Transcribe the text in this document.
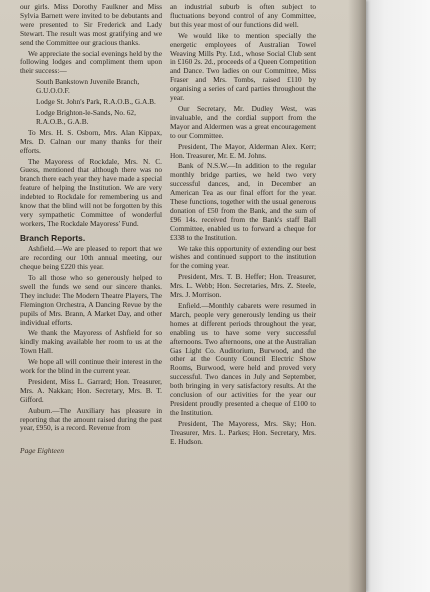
our girls. Miss Dorothy Faulkner and Miss Sylvia Barnett were invited to be debutants and were presented to Sir Frederick and Lady Stewart. The result was most gratifying and we send the Committee our gracious thanks.

We appreciate the social evenings held by the following lodges and compliment them upon their success:—

South Bankstown Juvenile Branch, G.U.O.O.F.

Lodge St. John's Park, R.A.O.B., G.A.B.

Lodge Brighton-le-Sands, No. 62, R.A.O.B., G.A.B.

To Mrs. H. S. Osborn, Mrs. Alan Kippax, Mrs. D. Calnan our many thanks for their efforts.

The Mayoress of Rockdale, Mrs. N. C. Guess, mentioned that although there was no branch there each year they have made a special feature of helping the Institution. We are very indebted to Rockdale for remembering us and know that the blind will not be forgotten by this very sympathetic Committee of wonderful workers, The Rockdale Mayoress' Fund.

Branch Reports.

Ashfield.—We are pleased to report that we are recording our 10th annual meeting, our cheque being £220 this year.

To all those who so generously helped to swell the funds we send our sincere thanks. They include: The Modern Theatre Players, The Flemington Orchestra, A Dancing Revue by the pupils of Mrs. Brann, A Market Day, and other individual efforts.

We thank the Mayoress of Ashfield for so kindly making available her room to us at the Town Hall.

We hope all will continue their interest in the work for the blind in the current year.

President, Miss L. Garrard; Hon. Treasurer, Mrs. A. Nakkan; Hon. Secretary, Mrs. B. T. Gifford.

Auburn.—The Auxiliary has pleasure in reporting that the amount raised during the past year, £950, is a record. Revenue from

an industrial suburb is often subject to fluctuations beyond control of any Committee, but this year most of our functions did well.

We would like to mention specially the energetic employees of Australian Towel Weaving Mills Pty. Ltd., whose Social Club sent in £160 2s. 2d., proceeds of a Queen Competition and Dance. Two ladies on our Committee, Miss Fraser and Mrs. Tombs, raised £110 by organising a series of card parties throughout the year.

Our Secretary, Mr. Dudley West, was invaluable, and the cordial support from the Mayor and Aldermen was a great encouragement to our Committee.

President, The Mayor, Alderman Alex. Kerr; Hon. Treasurer, Mr. E. M. Johns.

Bank of N.S.W.—In addition to the regular monthly bridge parties, we held two very successful dances, and, in December an American Tea as our final effort for the year. These functions, together with the usual generous donation of £50 from the Bank, and the sum of £96 14s. received from the Bank's staff Ball Committee, enabled us to forward a cheque for £338 to the Institution.

We take this opportunity of extending our best wishes and continued support to the institution for the coming year.

President, Mrs. T. B. Heffer; Hon. Treasurer, Mrs. L. Webb; Hon. Secretaries, Mrs. Z. Steele, Mrs. J. Morrison.

Enfield.—Monthly cabarets were resumed in March, people very generously lending us their homes at different periods throughout the year, enabling us to have some very successful afternoons. Two afternoons, one at the Australian Gas Light Co. Auditorium, Burwood, and the other at the County Council Electric Show Rooms, Burwood, were held and proved very successful. Two dances in July and September, both bringing in very satisfactory results. At the conclusion of our activities for the year our President proudly presented a cheque of £100 to the Institution.

President, The Mayoress, Mrs. Sky; Hon. Treasurer, Mrs. L. Parkes; Hon. Secretary, Mrs. E. Hudson.

Page Eighteen
